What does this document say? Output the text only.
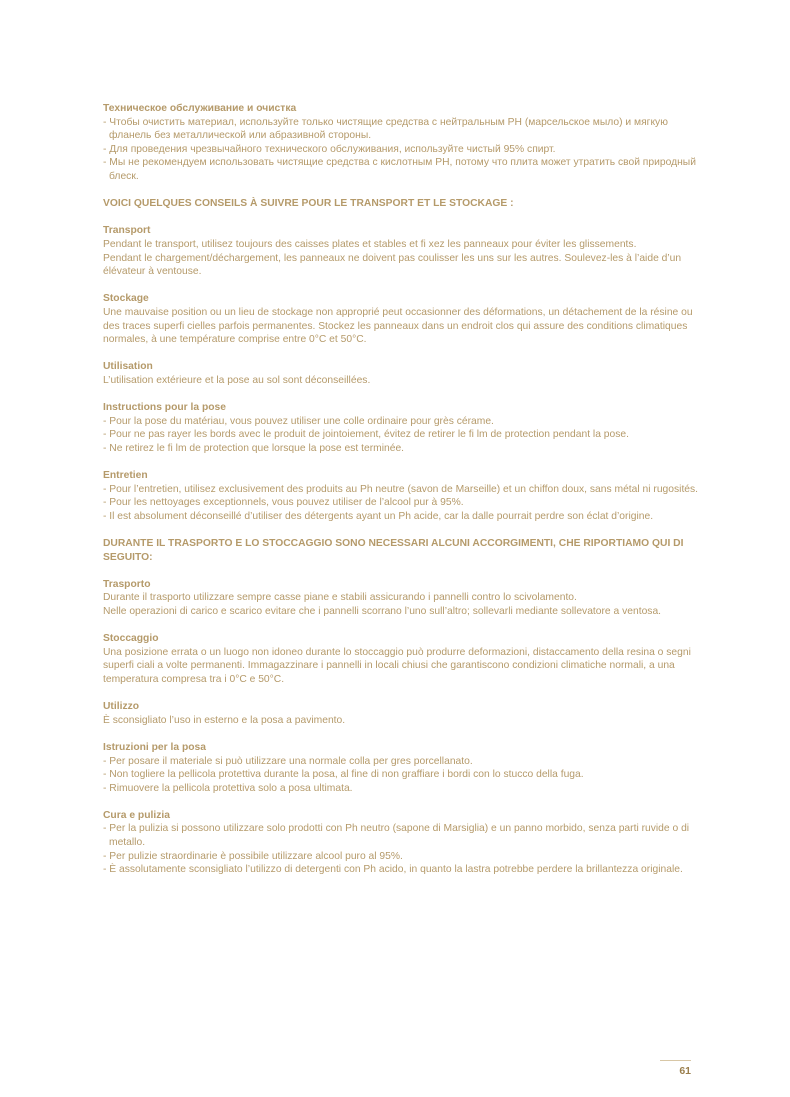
Техническое обслуживание и очистка
- Чтобы очистить материал, используйте только чистящие средства с нейтральным PH (марсельское мыло) и мягкую фланель без металлической или абразивной стороны.
- Для проведения чрезвычайного технического обслуживания, используйте чистый 95% спирт.
- Мы не рекомендуем использовать чистящие средства с кислотным PH, потому что плита может утратить свой природный блеск.
VOICI QUELQUES CONSEILS À SUIVRE POUR LE TRANSPORT ET LE STOCKAGE :
Transport
Pendant le transport, utilisez toujours des caisses plates et stables et fi xez les panneaux pour éviter les glissements.
Pendant le chargement/déchargement, les panneaux ne doivent pas coulisser les uns sur les autres. Soulevez-les à l’aide d’un élévateur à ventouse.
Stockage
Une mauvaise position ou un lieu de stockage non approprié peut occasionner des déformations, un détachement de la résine ou des traces superfi cielles parfois permanentes. Stockez les panneaux dans un endroit clos qui assure des conditions climatiques normales, à une température comprise entre 0°C et 50°C.
Utilisation
L’utilisation extérieure et la pose au sol sont déconseillées.
Instructions pour la pose
- Pour la pose du matériau, vous pouvez utiliser une colle ordinaire pour grès cérame.
- Pour ne pas rayer les bords avec le produit de jointoiement, évitez de retirer le fi lm de protection pendant la pose.
- Ne retirez le fi lm de protection que lorsque la pose est terminée.
Entretien
- Pour l’entretien, utilisez exclusivement des produits au Ph neutre (savon de Marseille) et un chiffon doux, sans métal ni rugosités.
- Pour les nettoyages exceptionnels, vous pouvez utiliser de l’alcool pur à 95%.
- Il est absolument déconseillé d’utiliser des détergents ayant un Ph acide, car la dalle pourrait perdre son éclat d’origine.
DURANTE IL TRASPORTO E LO STOCCAGGIO SONO NECESSARI ALCUNI ACCORGIMENTI, CHE RIPORTIAMO QUI DI SEGUITO:
Trasporto
Durante il trasporto utilizzare sempre casse piane e stabili assicurando i pannelli contro lo scivolamento.
Nelle operazioni di carico e scarico evitare che i pannelli scorrano l’uno sull’altro; sollevarli mediante sollevatore a ventosa.
Stoccaggio
Una posizione errata o un luogo non idoneo durante lo stoccaggio può produrre deformazioni, distaccamento della resina o segni superfi ciali a volte permanenti. Immagazzinare i pannelli in locali chiusi che garantiscono condizioni climatiche normali, a una temperatura compresa tra i 0°C e 50°C.
Utilizzo
È sconsigliato l’uso in esterno e la posa a pavimento.
Istruzioni per la posa
- Per posare il materiale si può utilizzare una normale colla per gres porcellanato.
- Non togliere la pellicola protettiva durante la posa, al fine di non graffiare i bordi con lo stucco della fuga.
- Rimuovere la pellicola protettiva solo a posa ultimata.
Cura e pulizia
- Per la pulizia si possono utilizzare solo prodotti con Ph neutro (sapone di Marsiglia) e un panno morbido, senza parti ruvide o di metallo.
- Per pulizie straordinarie è possibile utilizzare alcool puro al 95%.
- È assolutamente sconsigliato l’utilizzo di detergenti con Ph acido, in quanto la lastra potrebbe perdere la brillantezza originale.
61
